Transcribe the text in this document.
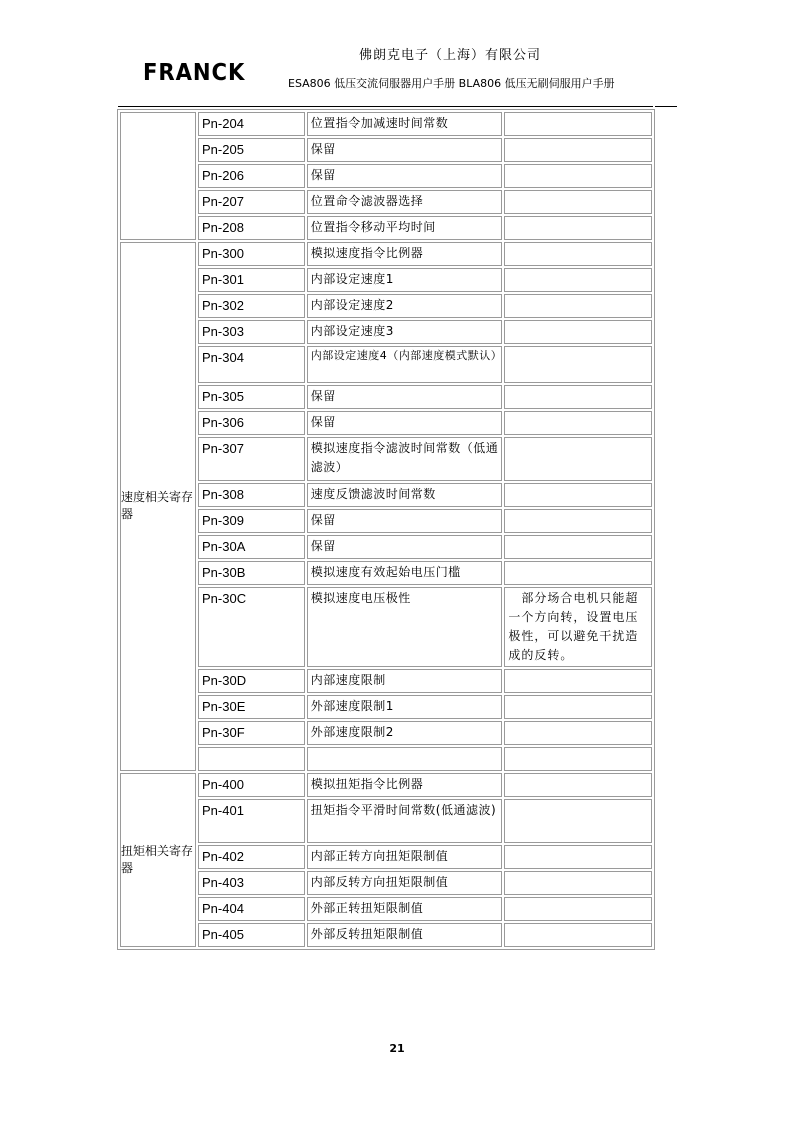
FRANCK
佛朗克电子（上海）有限公司
ESA806 低压交流伺服器用户手册 BLA806 低压无刷伺服用户手册
	Pn-204	位置指令加减速时间常数	
	Pn-205	保留	
	Pn-206	保留	
	Pn-207	位置命令滤波器选择	
	Pn-208	位置指令移动平均时间	
速度相关寄存器	Pn-300	模拟速度指令比例器	
	Pn-301	内部设定速度1	
	Pn-302	内部设定速度2	
	Pn-303	内部设定速度3	
	Pn-304	内部设定速度4（内部速度模式默认）	
	Pn-305	保留	
	Pn-306	保留	
	Pn-307	模拟速度指令滤波时间常数（低通滤波）	
	Pn-308	速度反馈滤波时间常数	
	Pn-309	保留	
	Pn-30A	保留	
	Pn-30B	模拟速度有效起始电压门槛	
	Pn-30C	模拟速度电压极性	　部分场合电机只能超一个方向转，设置电压极性，可以避免干扰造成的反转。
	Pn-30D	内部速度限制	
	Pn-30E	外部速度限制1	
	Pn-30F	外部速度限制2	

扭矩相关寄存器	Pn-400	模拟扭矩指令比例器	
	Pn-401	扭矩指令平滑时间常数(低通滤波)	
	Pn-402	内部正转方向扭矩限制值	
	Pn-403	内部反转方向扭矩限制值	
	Pn-404	外部正转扭矩限制值	
	Pn-405	外部反转扭矩限制值	
21
